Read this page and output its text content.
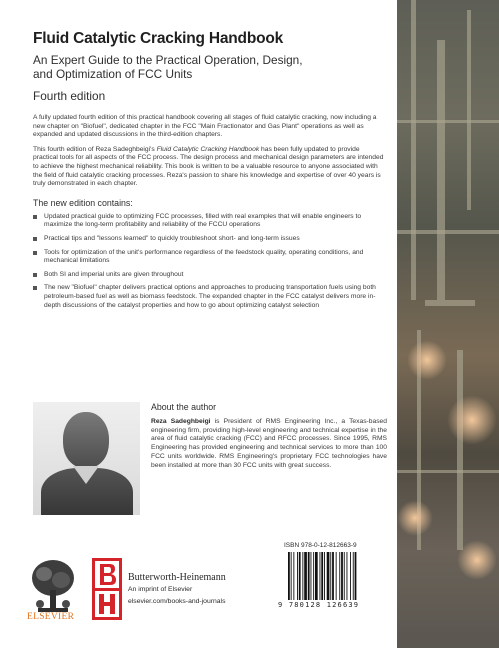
Fluid Catalytic Cracking Handbook
An Expert Guide to the Practical Operation, Design,
and Optimization of FCC Units
Fourth edition

A fully updated fourth edition of this practical handbook covering all stages of fluid catalytic cracking, now including a new chapter on "Biofuel", dedicated chapter in the FCC "Main Fractionator and Gas Plant" operations as well as expanded and updated discussions in the third-edition chapters.

This fourth edition of Reza Sadeghbeigi's Fluid Catalytic Cracking Handbook has been fully updated to provide practical tools for all aspects of the FCC process. The design process and mechanical design parameters are intended to achieve the highest mechanical reliability. This book is written to be a valuable resource to anyone associated with the field of fluid catalytic cracking processes. Reza's passion to share his knowledge and expertise of over 40 years is truly demonstrated in each chapter.

The new edition contains:
Updated practical guide to optimizing FCC processes, filled with real examples that will enable engineers to maximize the long-term profitability and reliability of the FCCU operations
Practical tips and "lessons learned" to quickly troubleshoot short- and long-term issues
Tools for optimization of the unit's performance regardless of the feedstock quality, operating conditions, and mechanical limitations
Both SI and imperial units are given throughout
The new "Biofuel" chapter delivers practical options and approaches to producing transportation fuels using both petroleum-based fuel as well as biomass feedstock. The expanded chapter in the FCC catalyst delivers more in-depth discussions of the catalyst properties and how to go about optimizing catalyst selection
About the author

Reza Sadeghbeigi is President of RMS Engineering Inc., a Texas-based engineering firm, providing high-level engineering and technical expertise in the area of fluid catalytic cracking (FCC) and RFCC processes. Since 1995, RMS Engineering has provided engineering and technical services to more than 100 FCC units worldwide. RMS Engineering's proprietary FCC technologies have been installed at more than 30 FCC units with great success.

ISBN 978-0-12-812663-9
9 780128 126639
ELSEVIER
Butterworth-Heinemann
An imprint of Elsevier
elsevier.com/books-and-journals
